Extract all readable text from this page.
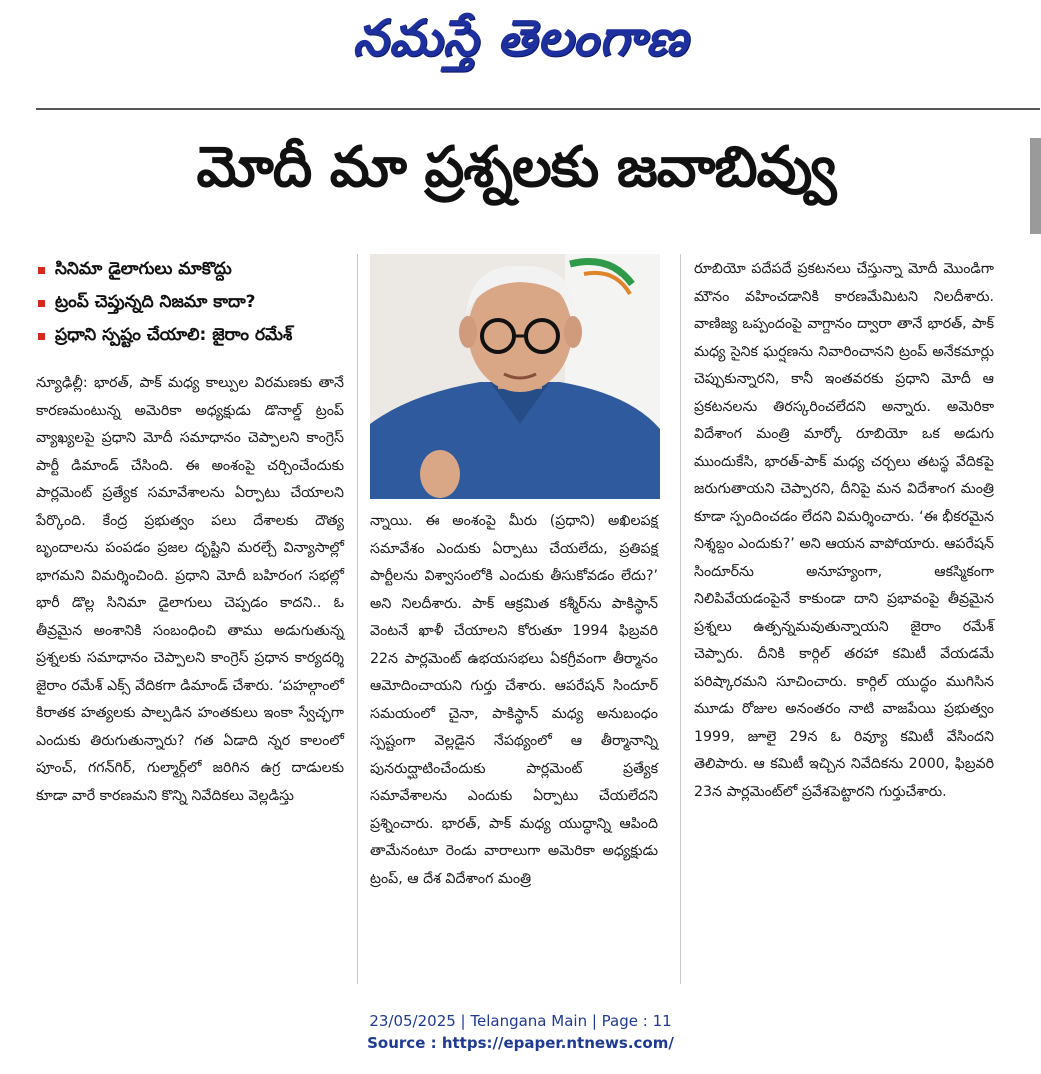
నమస్తే తెలంగాణ
మోదీ మా ప్రశ్నలకు జవాబివ్వు
సినిమా డైలాగులు మాకొద్దు
ట్రంప్ చెప్తున్నది నిజమా కాదా?
ప్రధాని స్పష్టం చేయాలి: జైరాం రమేశ్

న్యూఢిల్లీ: భారత్, పాక్ మధ్య కాల్పుల విరమణకు తానే కారణమంటున్న అమెరికా అధ్యక్షుడు డొనాల్డ్ ట్రంప్ వ్యాఖ్యలపై ప్రధాని మోదీ సమాధానం చెప్పాలని కాంగ్రెస్ పార్టీ డిమాండ్ చేసింది. ఈ అంశంపై చర్చించేందుకు పార్లమెంట్ ప్రత్యేక సమావేశాలను ఏర్పాటు చేయాలని పేర్కొంది. కేంద్ర ప్రభుత్వం పలు దేశాలకు దౌత్య బృందాలను పంపడం ప్రజల దృష్టిని మరల్చే విన్యాసాల్లో భాగమని విమర్శించింది. ప్రధాని మోదీ బహిరంగ సభల్లో భారీ డొల్ల సినిమా డైలాగులు చెప్పడం కాదని.. ఓ తీవ్రమైన అంశానికి సంబంధించి తాము అడుగుతున్న ప్రశ్నలకు సమాధానం చెప్పాలని కాంగ్రెస్ ప్రధాన కార్యదర్శి జైరాం రమేశ్ ఎక్స్ వేదికగా డిమాండ్ చేశారు. ‘పహల్గాంలో కిరాతక హత్యలకు పాల్పడిన హంతకులు ఇంకా స్వేచ్ఛగా ఎందుకు తిరుగుతున్నారు? గత ఏడాది న్నర కాలంలో పూంచ్, గగన్‌గిర్, గుల్మార్గ్‌లో జరిగిన ఉగ్ర దాడులకు కూడా వారే కారణమని కొన్ని నివేదికలు వెల్లడిస్తు

న్నాయి. ఈ అంశంపై మీరు (ప్రధాని) అఖిలపక్ష సమావేశం ఎందుకు ఏర్పాటు చేయలేదు, ప్రతిపక్ష పార్టీలను విశ్వాసంలోకి ఎందుకు తీసుకోవడం లేదు?’ అని నిలదీశారు. పాక్ ఆక్రమిత కశ్మీర్‌ను పాకిస్థాన్ వెంటనే ఖాళీ చేయాలని కోరుతూ 1994 ఫిబ్రవరి 22న పార్లమెంట్ ఉభయసభలు ఏకగ్రీవంగా తీర్మానం ఆమోదించాయని గుర్తు చేశారు. ఆపరేషన్ సిందూర్ సమయంలో చైనా, పాకిస్థాన్ మధ్య అనుబంధం స్పష్టంగా వెల్లడైన నేపథ్యంలో ఆ తీర్మానాన్ని పునరుద్ఘాటించేందుకు పార్లమెంట్ ప్రత్యేక సమావేశాలను ఎందుకు ఏర్పాటు చేయలేదని ప్రశ్నించారు. భారత్, పాక్ మధ్య యుద్ధాన్ని ఆపింది తామేనంటూ రెండు వారాలుగా అమెరికా అధ్యక్షుడు ట్రంప్, ఆ దేశ విదేశాంగ మంత్రి

రూబియో పదేపదే ప్రకటనలు చేస్తున్నా మోదీ మొండిగా మౌనం వహించడానికి కారణమేమిటని నిలదీశారు. వాణిజ్య ఒప్పందంపై వాగ్దానం ద్వారా తానే భారత్, పాక్ మధ్య సైనిక ఘర్షణను నివారించానని ట్రంప్ అనేకమార్లు చెప్పుకున్నారని, కానీ ఇంతవరకు ప్రధాని మోదీ ఆ ప్రకటనలను తిరస్కరించలేదని అన్నారు. అమెరికా విదేశాంగ మంత్రి మార్కో రూబియో ఒక అడుగు ముందుకేసి, భారత్-పాక్ మధ్య చర్చలు తటస్థ వేదికపై జరుగుతాయని చెప్పారని, దీనిపై మన విదేశాంగ మంత్రి కూడా స్పందించడం లేదని విమర్శించారు. ‘ఈ భీకరమైన నిశ్శబ్దం ఎందుకు?’ అని ఆయన వాపోయారు. ఆపరేషన్ సిందూర్‌ను అనూహ్యంగా, ఆకస్మికంగా నిలిపివేయడంపైనే కాకుండా దాని ప్రభావంపై తీవ్రమైన ప్రశ్నలు ఉత్పన్నమవుతున్నాయని జైరాం రమేశ్ చెప్పారు. దీనికి కార్గిల్ తరహా కమిటీ వేయడమే పరిష్కారమని సూచించారు. కార్గిల్ యుద్ధం ముగిసిన మూడు రోజుల అనంతరం నాటి వాజపేయి ప్రభుత్వం 1999, జూలై 29న ఓ రివ్యూ కమిటీ వేసిందని తెలిపారు. ఆ కమిటీ ఇచ్చిన నివేదికను 2000, ఫిబ్రవరి 23న పార్లమెంట్‌లో ప్రవేశపెట్టారని గుర్తుచేశారు.

23/05/2025 | Telangana Main | Page : 11
Source : https://epaper.ntnews.com/
